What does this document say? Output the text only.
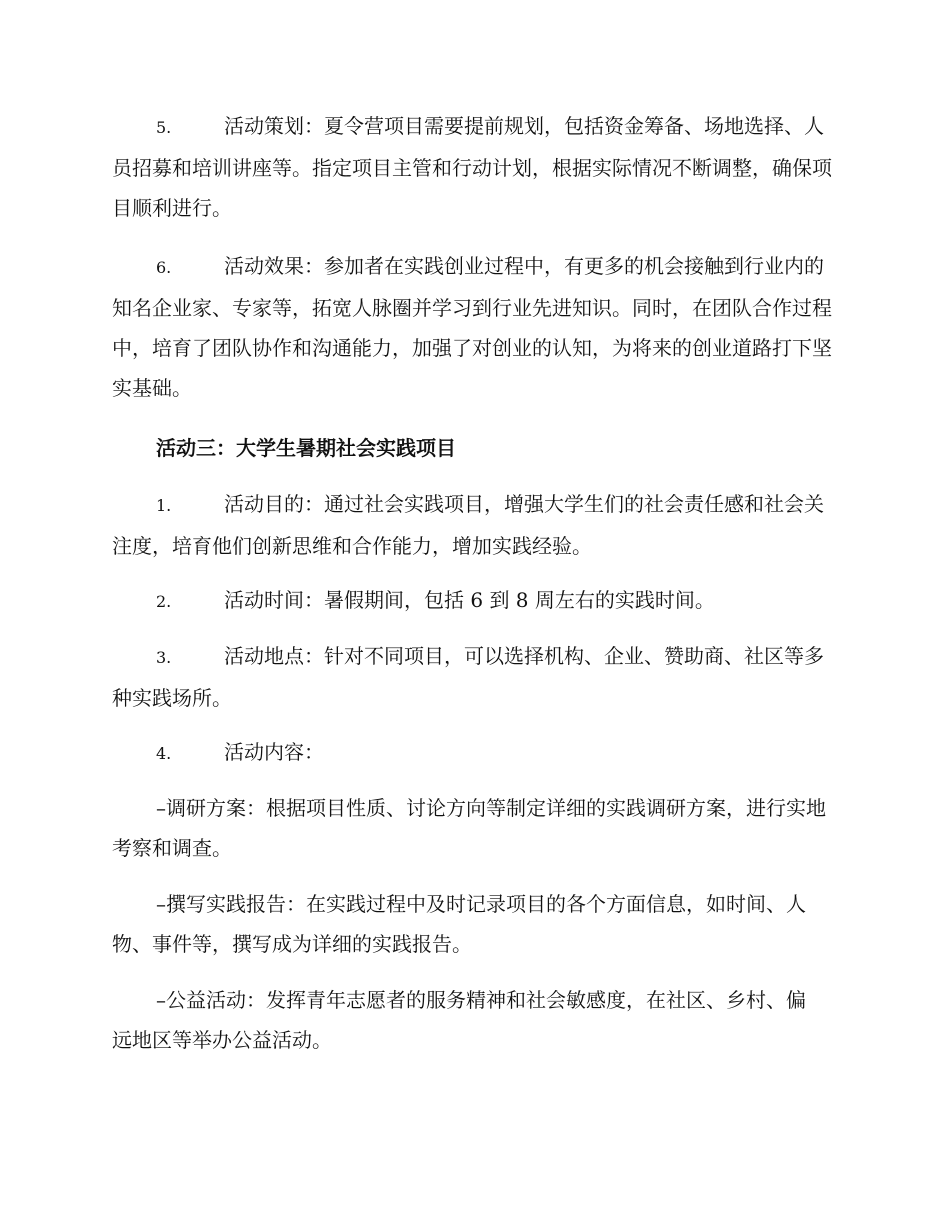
5.	活动策划：夏令营项目需要提前规划，包括资金筹备、场地选择、人员招募和培训讲座等。指定项目主管和行动计划，根据实际情况不断调整，确保项目顺利进行。

6.	活动效果：参加者在实践创业过程中，有更多的机会接触到行业内的知名企业家、专家等，拓宽人脉圈并学习到行业先进知识。同时，在团队合作过程中，培育了团队协作和沟通能力，加强了对创业的认知，为将来的创业道路打下坚实基础。

活动三：大学生暑期社会实践项目

1.	活动目的：通过社会实践项目，增强大学生们的社会责任感和社会关注度，培育他们创新思维和合作能力，增加实践经验。

2.	活动时间：暑假期间，包括 6 到 8 周左右的实践时间。

3.	活动地点：针对不同项目，可以选择机构、企业、赞助商、社区等多种实践场所。

4.	活动内容：

–调研方案：根据项目性质、讨论方向等制定详细的实践调研方案，进行实地考察和调查。

–撰写实践报告：在实践过程中及时记录项目的各个方面信息，如时间、人物、事件等，撰写成为详细的实践报告。

–公益活动：发挥青年志愿者的服务精神和社会敏感度，在社区、乡村、偏远地区等举办公益活动。
